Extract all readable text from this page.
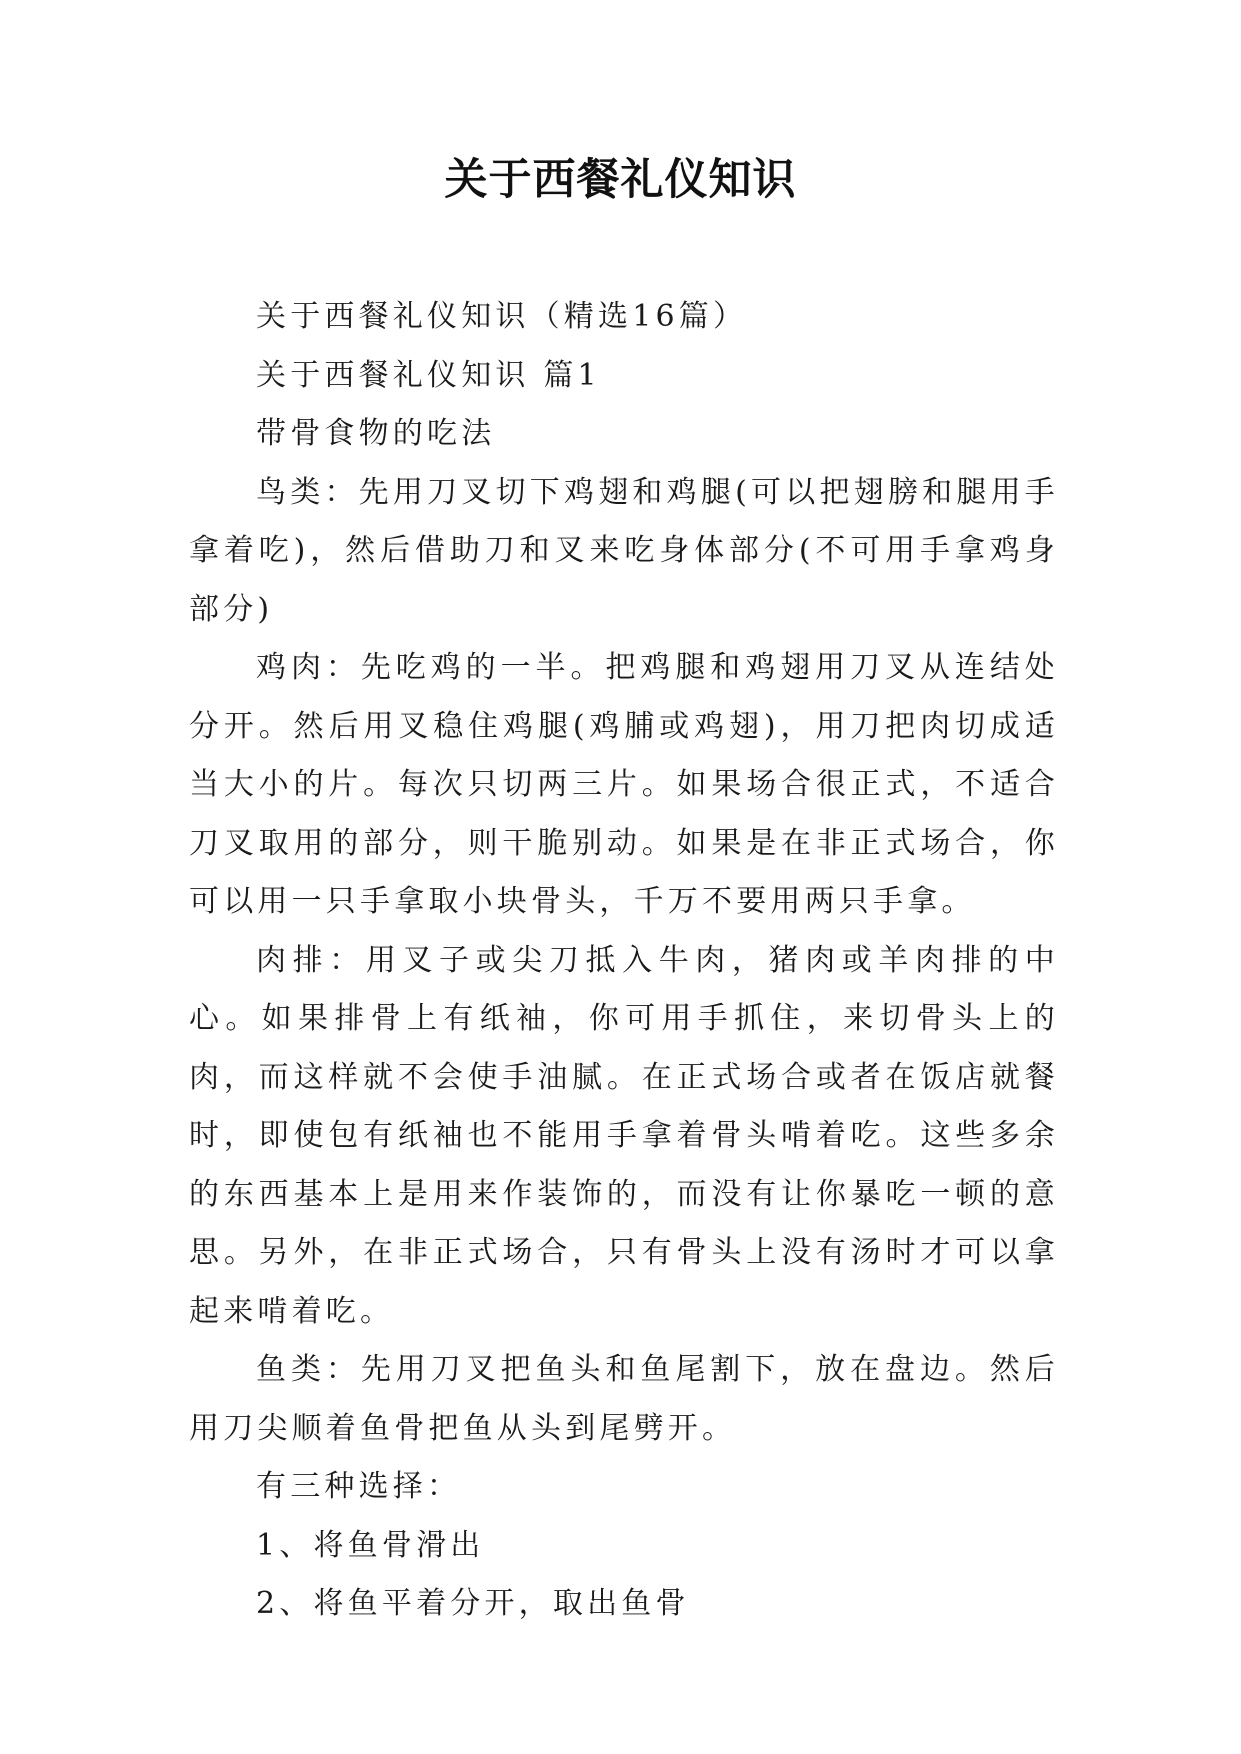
关于西餐礼仪知识

关于西餐礼仪知识（精选16篇）

关于西餐礼仪知识 篇1

带骨食物的吃法

鸟类：先用刀叉切下鸡翅和鸡腿(可以把翅膀和腿用手拿着吃)，然后借助刀和叉来吃身体部分(不可用手拿鸡身部分)

鸡肉：先吃鸡的一半。把鸡腿和鸡翅用刀叉从连结处分开。然后用叉稳住鸡腿(鸡脯或鸡翅)，用刀把肉切成适当大小的片。每次只切两三片。如果场合很正式，不适合刀叉取用的部分，则干脆别动。如果是在非正式场合，你可以用一只手拿取小块骨头，千万不要用两只手拿。

肉排：用叉子或尖刀抵入牛肉，猪肉或羊肉排的中心。如果排骨上有纸袖，你可用手抓住，来切骨头上的肉，而这样就不会使手油腻。在正式场合或者在饭店就餐时，即使包有纸袖也不能用手拿着骨头啃着吃。这些多余的东西基本上是用来作装饰的，而没有让你暴吃一顿的意思。另外，在非正式场合，只有骨头上没有汤时才可以拿起来啃着吃。

鱼类：先用刀叉把鱼头和鱼尾割下，放在盘边。然后用刀尖顺着鱼骨把鱼从头到尾劈开。

有三种选择：

1、将鱼骨滑出

2、将鱼平着分开，取出鱼骨
